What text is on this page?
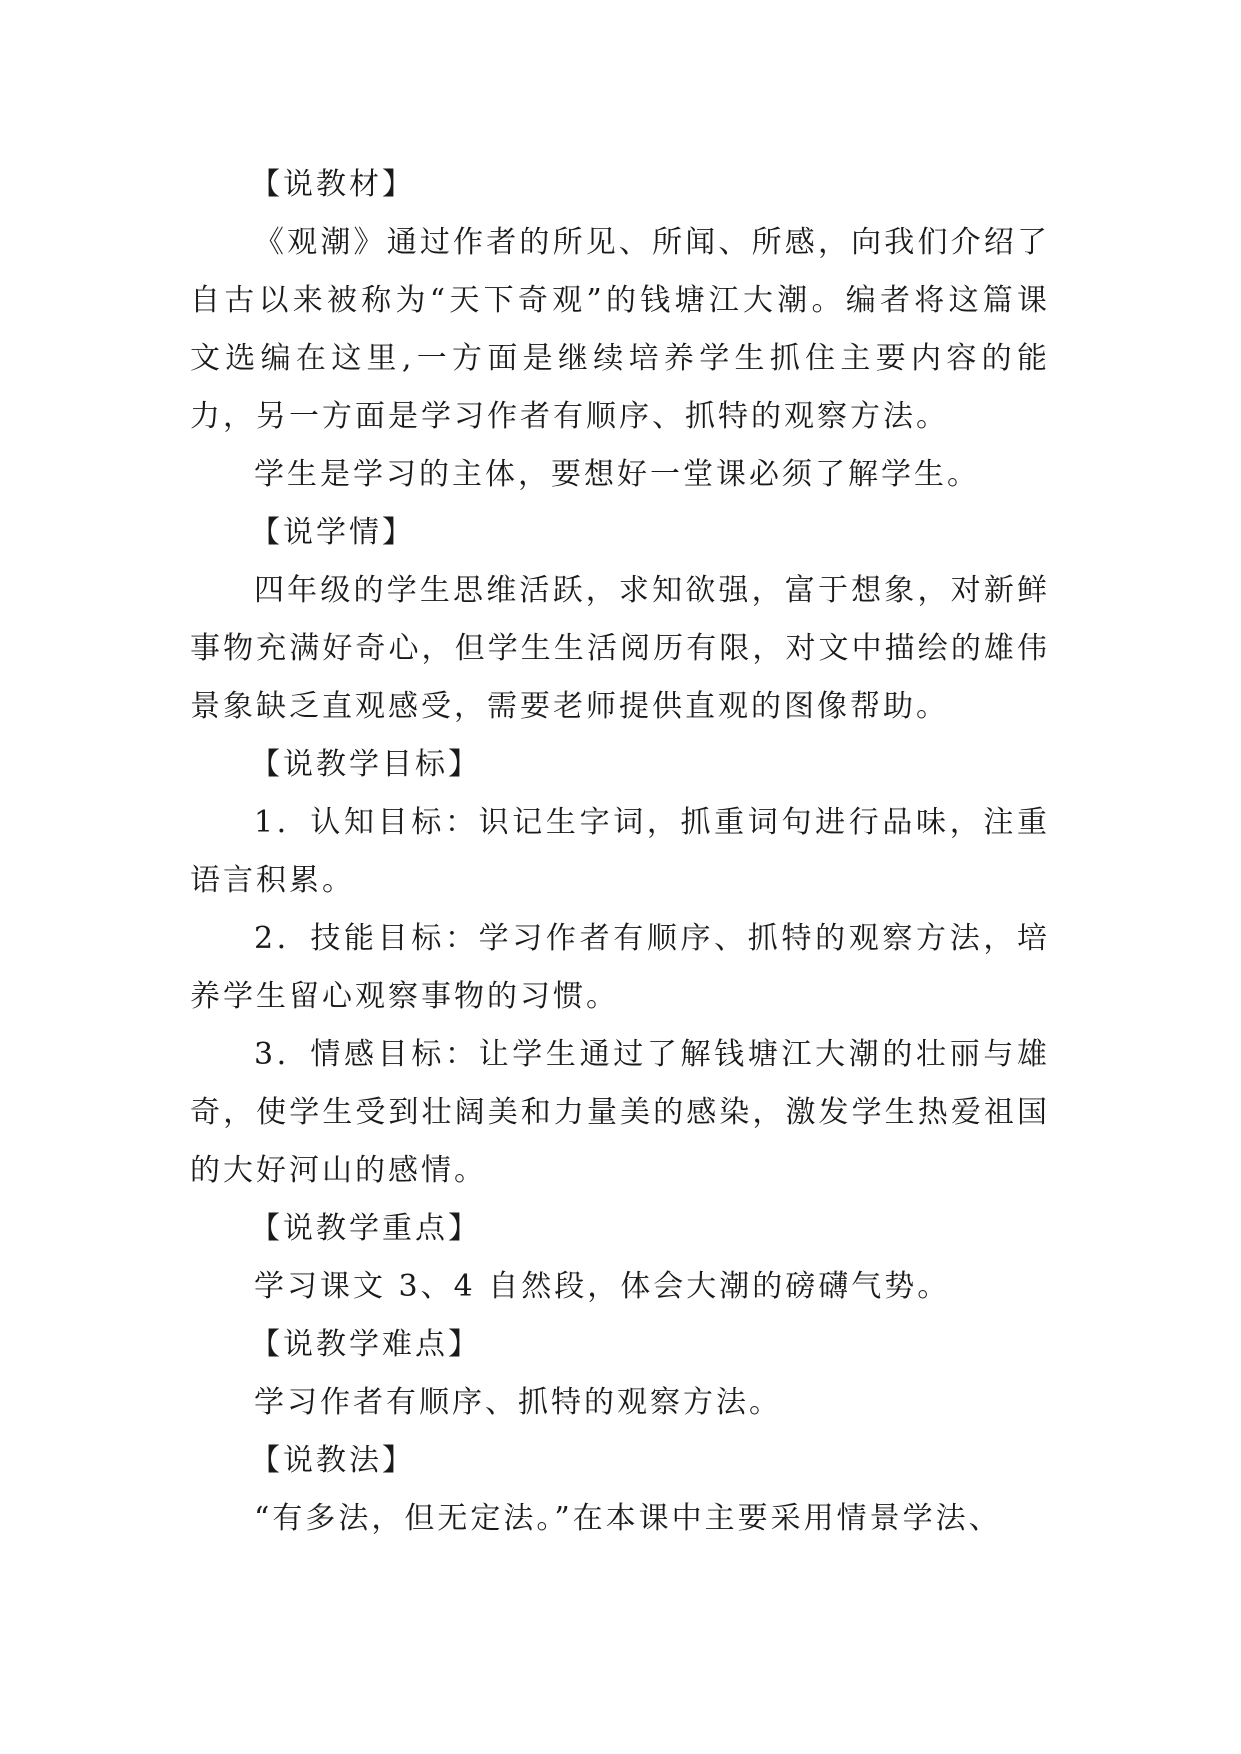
【说教材】

《观潮》通过作者的所见、所闻、所感，向我们介绍了自古以来被称为“天下奇观”的钱塘江大潮。编者将这篇课文选编在这里,一方面是继续培养学生抓住主要内容的能力，另一方面是学习作者有顺序、抓特的观察方法。

学生是学习的主体，要想好一堂课必须了解学生。

【说学情】

四年级的学生思维活跃，求知欲强，富于想象，对新鲜事物充满好奇心，但学生生活阅历有限，对文中描绘的雄伟景象缺乏直观感受，需要老师提供直观的图像帮助。

【说教学目标】

1．认知目标：识记生字词，抓重词句进行品味，注重语言积累。

2．技能目标：学习作者有顺序、抓特的观察方法，培养学生留心观察事物的习惯。

3．情感目标：让学生通过了解钱塘江大潮的壮丽与雄奇，使学生受到壮阔美和力量美的感染，激发学生热爱祖国的大好河山的感情。

【说教学重点】

学习课文 3、4 自然段，体会大潮的磅礴气势。

【说教学难点】

学习作者有顺序、抓特的观察方法。

【说教法】

“有多法，但无定法。”在本课中主要采用情景学法、
